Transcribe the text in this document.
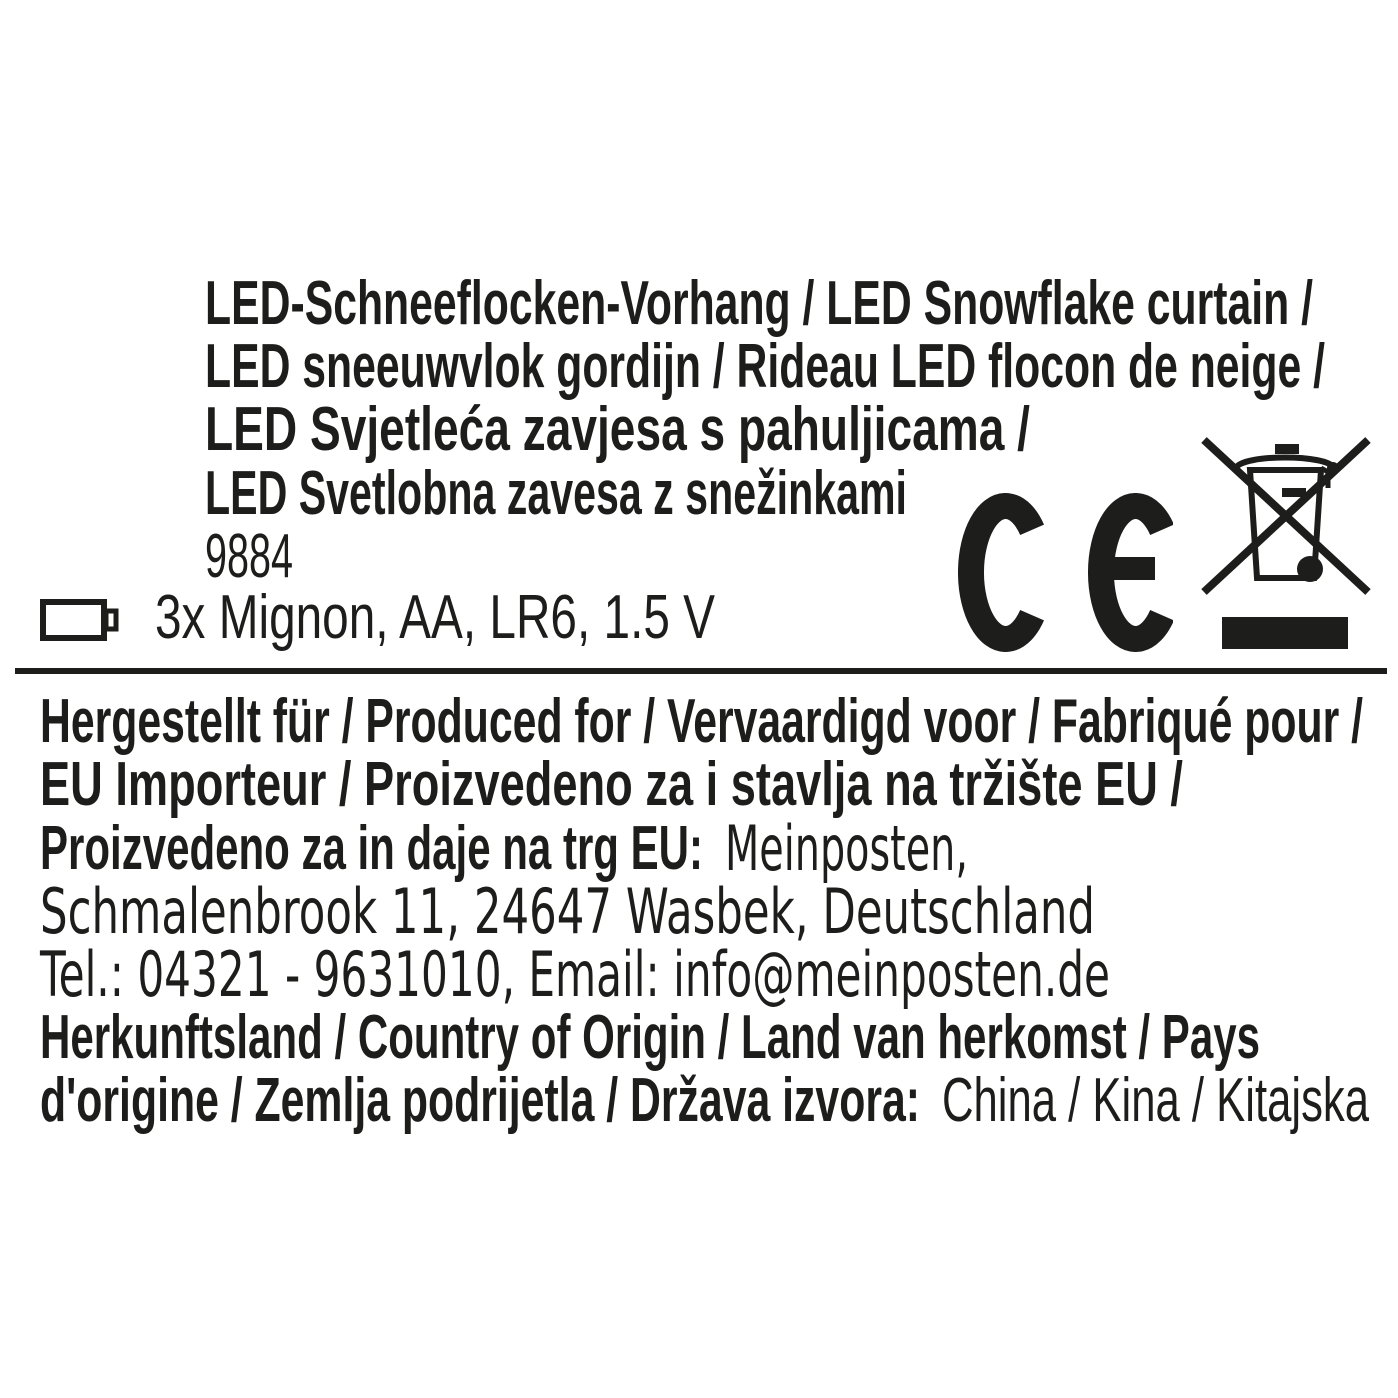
LED-Schneeflocken-Vorhang / LED Snowflake curtain /
LED sneeuwvlok gordijn / Rideau LED flocon de neige /
LED Svjetleća zavjesa s pahuljicama /
LED Svetlobna zavesa z snežinkami
9884
3x Mignon, AA, LR6, 1.5 V
Hergestellt für / Produced for / Vervaardigd voor / Fabriqué pour /
EU Importeur / Proizvedeno za i stavlja na tržište EU /
Proizvedeno za in daje na trg EU: Meinposten,
Schmalenbrook 11, 24647 Wasbek, Deutschland
Tel.: 04321 - 9631010, Email: info@meinposten.de
Herkunftsland / Country of Origin / Land van herkomst / Pays
d'origine / Zemlja podrijetla / Država izvora: China / Kina / Kitajska
